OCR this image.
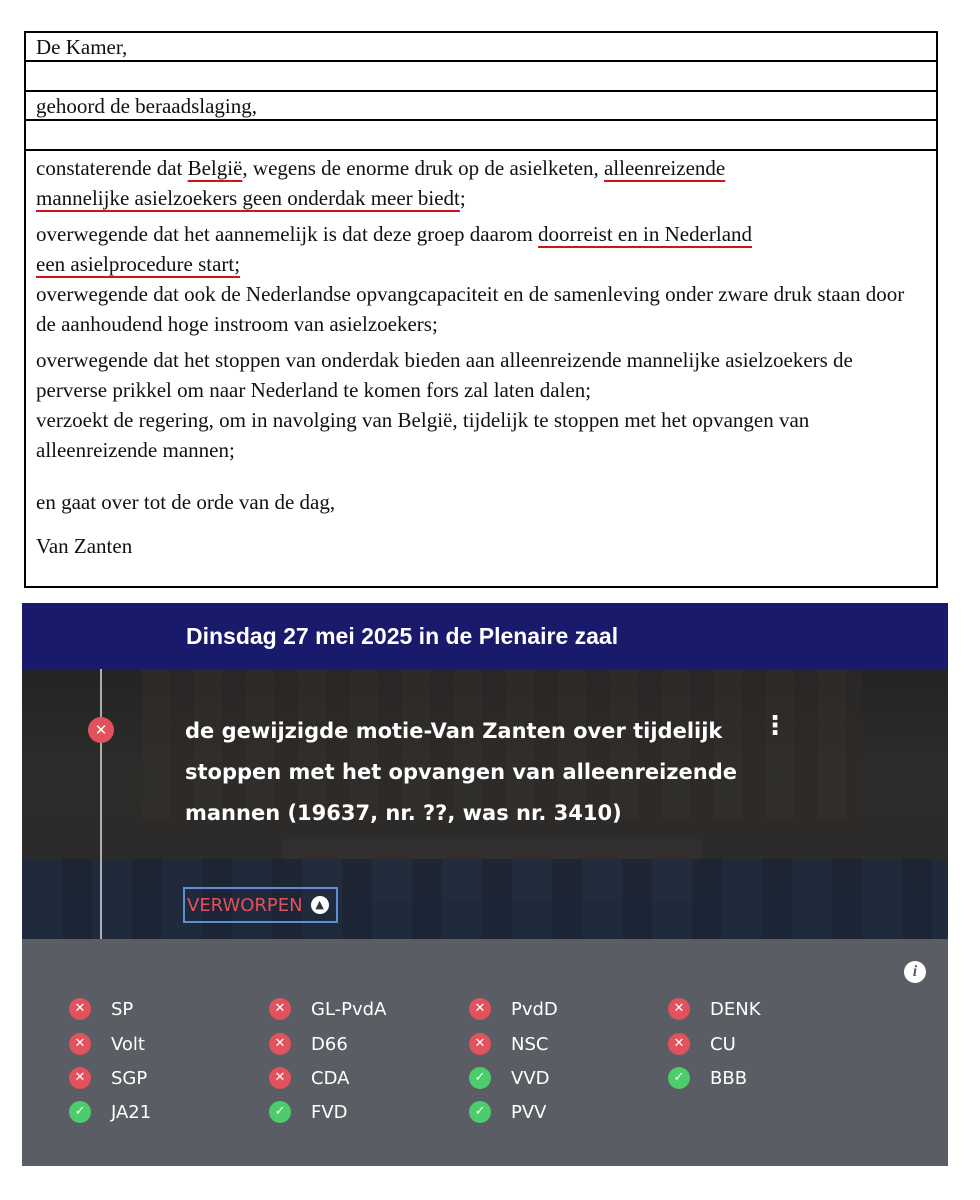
De Kamer,
gehoord de beraadslaging,

constaterende dat België, wegens de enorme druk op de asielketen, alleenreizende
mannelijke asielzoekers geen onderdak meer biedt;

overwegende dat het aannemelijk is dat deze groep daarom doorreist en in Nederland
een asielprocedure start;

overwegende dat ook de Nederlandse opvangcapaciteit en de samenleving onder zware druk staan door de aanhoudend hoge instroom van asielzoekers;

overwegende dat het stoppen van onderdak bieden aan alleenreizende mannelijke asielzoekers de perverse prikkel om naar Nederland te komen fors zal laten dalen;

verzoekt de regering, om in navolging van België, tijdelijk te stoppen met het opvangen van alleenreizende mannen;

en gaat over tot de orde van de dag,

Van Zanten

Dinsdag 27 mei 2025 in de Plenaire zaal
✕	de gewijzigde motie-Van Zanten over tijdelijk stoppen met het opvangen van alleenreizende mannen (19637, nr. ??, was nr. 3410)
⋮
i
✕	SP	✕	GL-PvdA	✕	PvdD	✕	DENK
✕	Volt	✕	D66	✕	NSC	✕	CU
✕	SGP	✕	CDA	✓	VVD	✓	BBB
✓	JA21	✓	FVD	✓	PVV
VERWORPEN	▲
